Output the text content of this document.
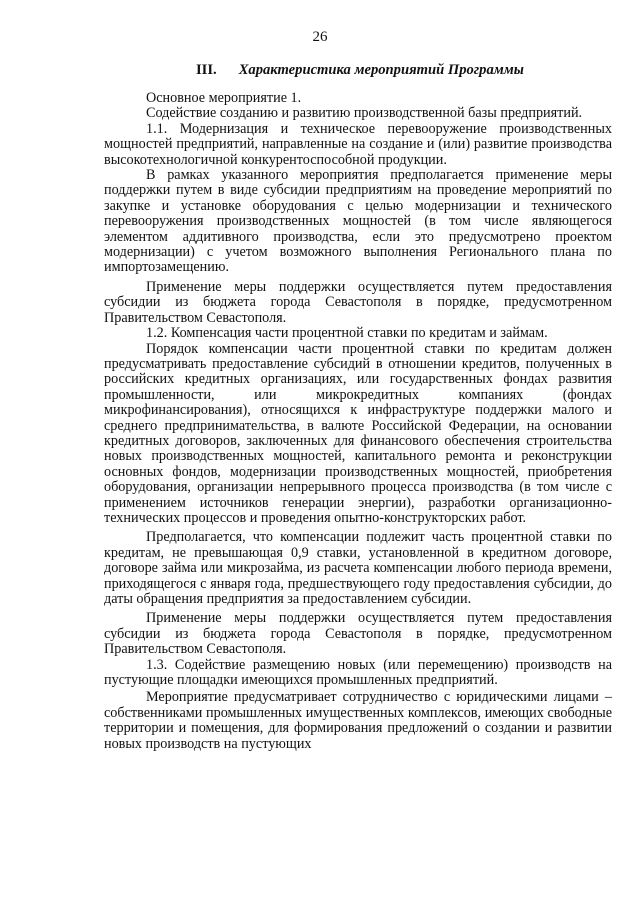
26
III. Характеристика мероприятий Программы

Основное мероприятие 1.

Содействие созданию и развитию производственной базы предприятий.

1.1. Модернизация и техническое перевооружение производственных мощностей предприятий, направленные на создание и (или) развитие производства высокотехнологичной конкурентоспособной продукции.

В рамках указанного мероприятия предполагается применение меры поддержки путем в виде субсидии предприятиям на проведение мероприятий по закупке и установке оборудования с целью модернизации и технического перевооружения производственных мощностей (в том числе являющегося элементом аддитивного производства, если это предусмотрено проектом модернизации) с учетом возможного выполнения Регионального плана по импортозамещению.

Применение меры поддержки осуществляется путем предоставления субсидии из бюджета города Севастополя в порядке, предусмотренном Правительством Севастополя.

1.2. Компенсация части процентной ставки по кредитам и займам.

Порядок компенсации части процентной ставки по кредитам должен предусматривать предоставление субсидий в отношении кредитов, полученных в российских кредитных организациях, или государственных фондах развития промышленности, или микрокредитных компаниях (фондах микрофинансирования), относящихся к инфраструктуре поддержки малого и среднего предпринимательства, в валюте Российской Федерации, на основании кредитных договоров, заключенных для финансового обеспечения строительства новых производственных мощностей, капитального ремонта и реконструкции основных фондов, модернизации производственных мощностей, приобретения оборудования, организации непрерывного процесса производства (в том числе с применением источников генерации энергии), разработки организационно-технических процессов и проведения опытно-конструкторских работ.

Предполагается, что компенсации подлежит часть процентной ставки по кредитам, не превышающая 0,9 ставки, установленной в кредитном договоре, договоре займа или микрозайма, из расчета компенсации любого периода времени, приходящегося с января года, предшествующего году предоставления субсидии, до даты обращения предприятия за предоставлением субсидии.

Применение меры поддержки осуществляется путем предоставления субсидии из бюджета города Севастополя в порядке, предусмотренном Правительством Севастополя.

1.3. Содействие размещению новых (или перемещению) производств на пустующие площадки имеющихся промышленных предприятий.

Мероприятие предусматривает сотрудничество с юридическими лицами – собственниками промышленных имущественных комплексов, имеющих свободные территории и помещения, для формирования предложений о создании и развитии новых производств на пустующих
